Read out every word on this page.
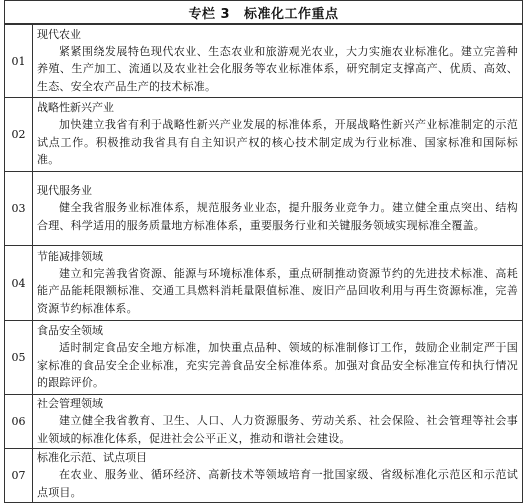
专栏 3 标准化工作重点
01	现代农业
紧紧围绕发展特色现代农业、生态农业和旅游观光农业，大力实施农业标准化。建立完善种养殖、生产加工、流通以及农业社会化服务等农业标准体系，研究制定支撑高产、优质、高效、生态、安全农产品生产的技术标准。

02	战略性新兴产业
加快建立我省有利于战略性新兴产业发展的标准体系，开展战略性新兴产业标准制定的示范试点工作。积极推动我省具有自主知识产权的核心技术制定成为行业标准、国家标准和国际标准。

03	现代服务业
健全我省服务业标准体系，规范服务业业态，提升服务业竞争力。建立健全重点突出、结构合理、科学适用的服务质量地方标准体系，重要服务行业和关键服务领域实现标准全覆盖。

04	节能减排领域
建立和完善我省资源、能源与环境标准体系，重点研制推动资源节约的先进技术标准、高耗能产品能耗限额标准、交通工具燃料消耗量限值标准、废旧产品回收利用与再生资源标准，完善资源节约标准体系。

05	食品安全领域
适时制定食品安全地方标准，加快重点品种、领域的标准制修订工作，鼓励企业制定严于国家标准的食品安全企业标准，充实完善食品安全标准体系。加强对食品安全标准宣传和执行情况的跟踪评价。

06	社会管理领域
建立健全我省教育、卫生、人口、人力资源服务、劳动关系、社会保险、社会管理等社会事业领域的标准化体系，促进社会公平正义，推动和谐社会建设。

07	标准化示范、试点项目
在农业、服务业、循环经济、高新技术等领域培育一批国家级、省级标准化示范区和示范试点项目。
